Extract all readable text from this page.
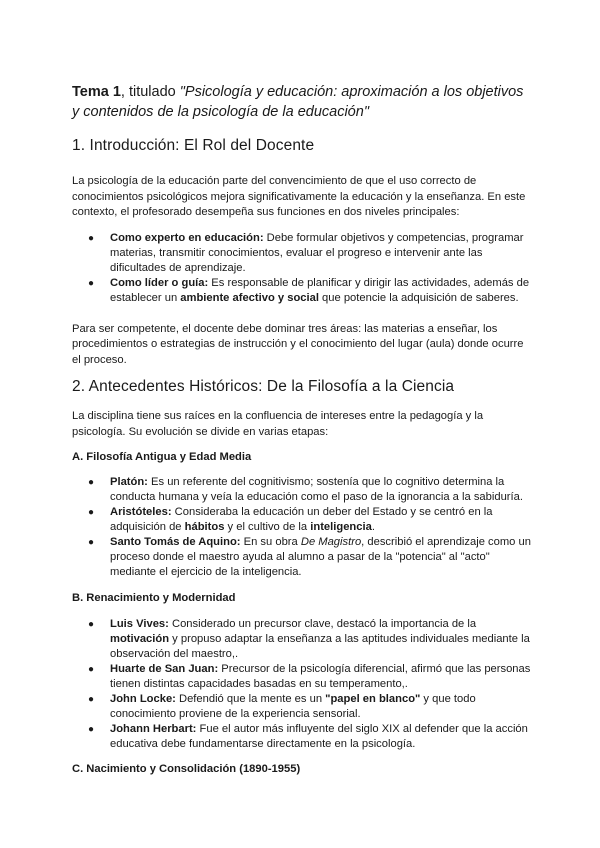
Tema 1, titulado "Psicología y educación: aproximación a los objetivos y contenidos de la psicología de la educación"

1. Introducción: El Rol del Docente

La psicología de la educación parte del convencimiento de que el uso correcto de conocimientos psicológicos mejora significativamente la educación y la enseñanza. En este contexto, el profesorado desempeña sus funciones en dos niveles principales:

● Como experto en educación: Debe formular objetivos y competencias, programar materias, transmitir conocimientos, evaluar el progreso e intervenir ante las dificultades de aprendizaje.
● Como líder o guía: Es responsable de planificar y dirigir las actividades, además de establecer un ambiente afectivo y social que potencie la adquisición de saberes.

Para ser competente, el docente debe dominar tres áreas: las materias a enseñar, los procedimientos o estrategias de instrucción y el conocimiento del lugar (aula) donde ocurre el proceso.

2. Antecedentes Históricos: De la Filosofía a la Ciencia

La disciplina tiene sus raíces en la confluencia de intereses entre la pedagogía y la psicología. Su evolución se divide en varias etapas:

A. Filosofía Antigua y Edad Media
● Platón: Es un referente del cognitivismo; sostenía que lo cognitivo determina la conducta humana y veía la educación como el paso de la ignorancia a la sabiduría.
● Aristóteles: Consideraba la educación un deber del Estado y se centró en la adquisición de hábitos y el cultivo de la inteligencia.
● Santo Tomás de Aquino: En su obra De Magistro, describió el aprendizaje como un proceso donde el maestro ayuda al alumno a pasar de la "potencia" al "acto" mediante el ejercicio de la inteligencia.
B. Renacimiento y Modernidad
● Luis Vives: Considerado un precursor clave, destacó la importancia de la motivación y propuso adaptar la enseñanza a las aptitudes individuales mediante la observación del maestro,.
● Huarte de San Juan: Precursor de la psicología diferencial, afirmó que las personas tienen distintas capacidades basadas en su temperamento,.
● John Locke: Defendió que la mente es un "papel en blanco" y que todo conocimiento proviene de la experiencia sensorial.
● Johann Herbart: Fue el autor más influyente del siglo XIX al defender que la acción educativa debe fundamentarse directamente en la psicología.
C. Nacimiento y Consolidación (1890-1955)
